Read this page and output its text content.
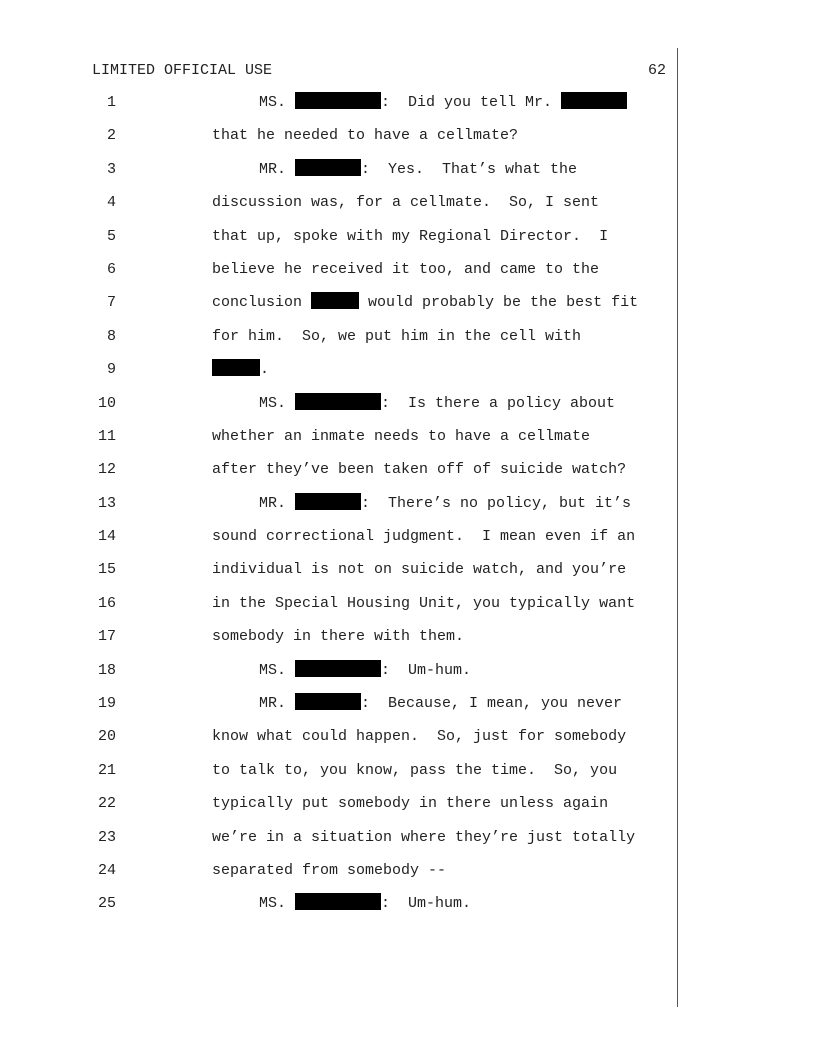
LIMITED OFFICIAL USE	62
1	MS.	:  Did you tell Mr.
2	that he needed to have a cellmate?
3	MR.	:  Yes.  That’s what the
4	discussion was, for a cellmate.  So, I sent
5	that up, spoke with my Regional Director.  I
6	believe he received it too, and came to the
7	conclusion	would probably be the best fit
8	for him.  So, we put him in the cell with
9	.
10	MS.	:  Is there a policy about
11	whether an inmate needs to have a cellmate
12	after they’ve been taken off of suicide watch?
13	MR.	:  There’s no policy, but it’s
14	sound correctional judgment.  I mean even if an
15	individual is not on suicide watch, and you’re
16	in the Special Housing Unit, you typically want
17	somebody in there with them.
18	MS.	:  Um-hum.
19	MR.	:  Because, I mean, you never
20	know what could happen.  So, just for somebody
21	to talk to, you know, pass the time.  So, you
22	typically put somebody in there unless again
23	we’re in a situation where they’re just totally
24	separated from somebody --
25	MS.	:  Um-hum.
